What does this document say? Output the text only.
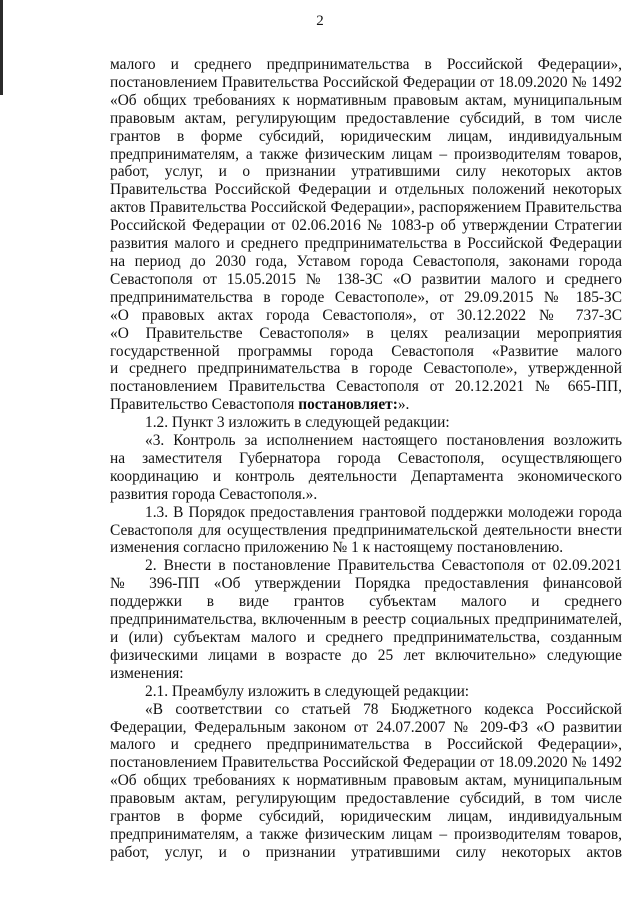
2

малого и среднего предпринимательства в Российской Федерации»,

постановлением Правительства Российской Федерации от 18.09.2020 № 1492

«Об общих требованиях к нормативным правовым актам, муниципальным

правовым актам, регулирующим предоставление субсидий, в том числе

грантов в форме субсидий, юридическим лицам, индивидуальным

предпринимателям, а также физическим лицам – производителям товаров,

работ, услуг, и о признании утратившими силу некоторых актов

Правительства Российской Федерации и отдельных положений некоторых

актов Правительства Российской Федерации», распоряжением Правительства

Российской Федерации от 02.06.2016 № 1083-р об утверждении Стратегии

развития малого и среднего предпринимательства в Российской Федерации

на период до 2030 года, Уставом города Севастополя, законами города

Севастополя от 15.05.2015 № 138-ЗС «О развитии малого и среднего

предпринимательства в городе Севастополе», от 29.09.2015 № 185-ЗС

«О правовых актах города Севастополя», от 30.12.2022 № 737-ЗС

«О Правительстве Севастополя» в целях реализации мероприятия

государственной программы города Севастополя «Развитие малого

и среднего предпринимательства в городе Севастополе», утвержденной

постановлением Правительства Севастополя от 20.12.2021 № 665-ПП,

Правительство Севастополя постановляет:».

1.2. Пункт 3 изложить в следующей редакции:

«3. Контроль за исполнением настоящего постановления возложить

на заместителя Губернатора города Севастополя, осуществляющего

координацию и контроль деятельности Департамента экономического

развития города Севастополя.».

1.3. В Порядок предоставления грантовой поддержки молодежи города

Севастополя для осуществления предпринимательской деятельности внести

изменения согласно приложению № 1 к настоящему постановлению.

2. Внести в постановление Правительства Севастополя от 02.09.2021

№ 396-ПП «Об утверждении Порядка предоставления финансовой

поддержки в виде грантов субъектам малого и среднего

предпринимательства, включенным в реестр социальных предпринимателей,

и (или) субъектам малого и среднего предпринимательства, созданным

физическими лицами в возрасте до 25 лет включительно» следующие

изменения:

2.1. Преамбулу изложить в следующей редакции:

«В соответствии со статьей 78 Бюджетного кодекса Российской

Федерации, Федеральным законом от 24.07.2007 № 209-ФЗ «О развитии

малого и среднего предпринимательства в Российской Федерации»,

постановлением Правительства Российской Федерации от 18.09.2020 № 1492

«Об общих требованиях к нормативным правовым актам, муниципальным

правовым актам, регулирующим предоставление субсидий, в том числе

грантов в форме субсидий, юридическим лицам, индивидуальным

предпринимателям, а также физическим лицам – производителям товаров,

работ, услуг, и о признании утратившими силу некоторых актов
